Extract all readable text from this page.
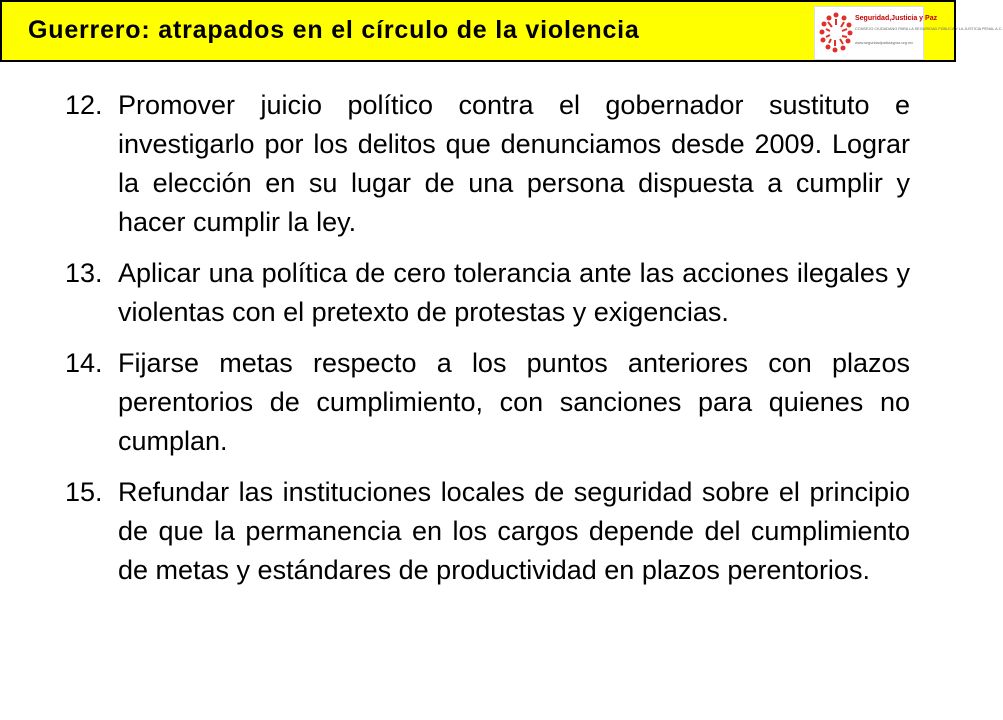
Guerrero: atrapados en el círculo de la violencia	Seguridad,Justicia y Paz
CONSEJO CIUDADANO PARA LA SEGURIDAD PÚBLICA Y LA JUSTICIA PENAL A.C.
www.seguridadjusticiaypaz.org.mx
12. Promover juicio político contra el gobernador sustituto e investigarlo por los delitos que denunciamos desde 2009. Lograr la elección en su lugar de una persona dispuesta a cumplir y hacer cumplir la ley.
13. Aplicar una política de cero tolerancia ante las acciones ilegales y violentas con el pretexto de protestas y exigencias.
14. Fijarse metas respecto a los puntos anteriores con plazos perentorios de cumplimiento, con sanciones para quienes no cumplan.
15. Refundar las instituciones locales de seguridad sobre el principio de que la permanencia en los cargos depende del cumplimiento de metas y estándares de productividad en plazos perentorios.
